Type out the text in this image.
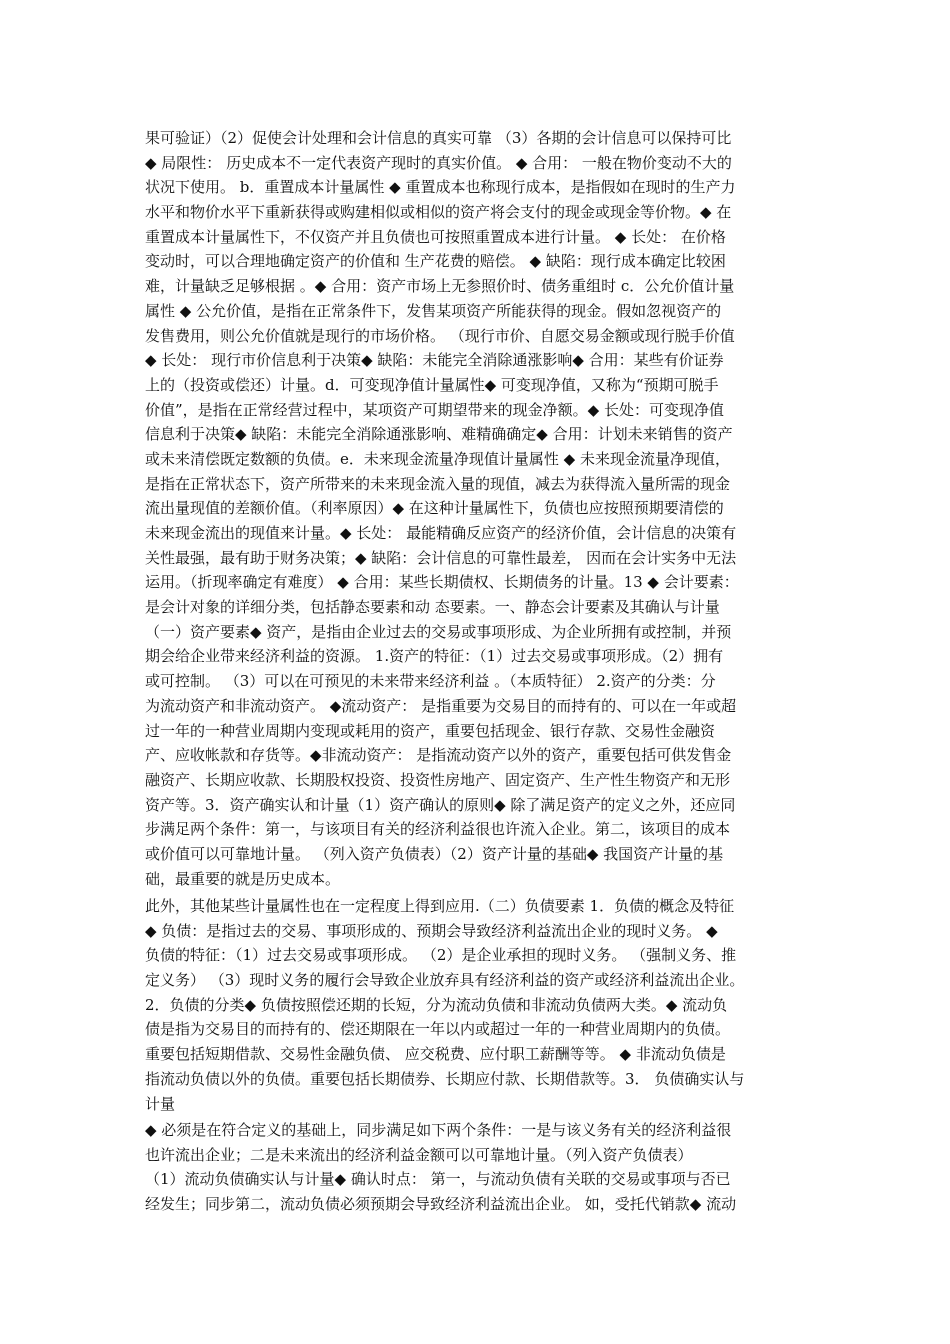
果可验证）（2）促使会计处理和会计信息的真实可靠 （3）各期的会计信息可以保持可比
◆ 局限性： 历史成本不一定代表资产现时的真实价值。 ◆ 合用： 一般在物价变动不大的
状况下使用。 b．重置成本计量属性 ◆ 重置成本也称现行成本，是指假如在现时的生产力
水平和物价水平下重新获得或购建相似或相似的资产将会支付的现金或现金等价物。◆ 在
重置成本计量属性下，不仅资产并且负债也可按照重置成本进行计量。 ◆ 长处： 在价格
变动时，可以合理地确定资产的价值和 生产花费的赔偿。 ◆ 缺陷：现行成本确定比较困
难，计量缺乏足够根据 。◆ 合用：资产市场上无参照价时、债务重组时 c．公允价值计量
属性 ◆ 公允价值，是指在正常条件下，发售某项资产所能获得的现金。假如忽视资产的
发售费用，则公允价值就是现行的市场价格。 （现行市价、自愿交易金额或现行脱手价值
◆ 长处： 现行市价信息利于决策◆ 缺陷：未能完全消除通涨影响◆ 合用：某些有价证券
上的（投资或偿还）计量。d．可变现净值计量属性◆ 可变现净值，又称为“预期可脱手
价值”，是指在正常经营过程中，某项资产可期望带来的现金净额。◆ 长处：可变现净值
信息利于决策◆ 缺陷：未能完全消除通涨影响、难精确确定◆ 合用：计划未来销售的资产
或未来清偿既定数额的负债。e．未来现金流量净现值计量属性 ◆ 未来现金流量净现值，
是指在正常状态下，资产所带来的未来现金流入量的现值，减去为获得流入量所需的现金
流出量现值的差额价值。（利率原因）◆ 在这种计量属性下，负债也应按照预期要清偿的
未来现金流出的现值来计量。◆ 长处： 最能精确反应资产的经济价值，会计信息的决策有
关性最强，最有助于财务决策；◆ 缺陷：会计信息的可靠性最差， 因而在会计实务中无法
运用。（折现率确定有难度） ◆ 合用：某些长期债权、长期债务的计量。13 ◆ 会计要素：
是会计对象的详细分类，包括静态要素和动 态要素。一、静态会计要素及其确认与计量
（一）资产要素◆ 资产，是指由企业过去的交易或事项形成、为企业所拥有或控制，并预
期会给企业带来经济利益的资源。 1.资产的特征：（1）过去交易或事项形成。（2）拥有
或可控制。 （3）可以在可预见的未来带来经济利益 。（本质特征） 2.资产的分类：分
为流动资产和非流动资产。 ◆流动资产： 是指重要为交易目的而持有的、可以在一年或超
过一年的一种营业周期内变现或耗用的资产，重要包括现金、银行存款、交易性金融资
产、应收帐款和存货等。◆非流动资产： 是指流动资产以外的资产，重要包括可供发售金
融资产、长期应收款、长期股权投资、投资性房地产、固定资产、生产性生物资产和无形
资产等。3．资产确实认和计量（1）资产确认的原则◆ 除了满足资产的定义之外，还应同
步满足两个条件：第一，与该项目有关的经济利益很也许流入企业。第二，该项目的成本
或价值可以可靠地计量。 （列入资产负债表）（2）资产计量的基础◆ 我国资产计量的基
础，最重要的就是历史成本。
此外，其他某些计量属性也在一定程度上得到应用.（二）负债要素 1．负债的概念及特征
◆ 负债：是指过去的交易、事项形成的、预期会导致经济利益流出企业的现时义务。 ◆
负债的特征：（1）过去交易或事项形成。 （2）是企业承担的现时义务。 （强制义务、推
定义务） （3）现时义务的履行会导致企业放弃具有经济利益的资产或经济利益流出企业。
2．负债的分类◆ 负债按照偿还期的长短，分为流动负债和非流动负债两大类。◆ 流动负
债是指为交易目的而持有的、偿还期限在一年以内或超过一年的一种营业周期内的负债。
重要包括短期借款、交易性金融负债、 应交税费、应付职工薪酬等等。 ◆ 非流动负债是
指流动负债以外的负债。重要包括长期债券、长期应付款、长期借款等。3． 负债确实认与
计量
◆ 必须是在符合定义的基础上，同步满足如下两个条件：一是与该义务有关的经济利益很
也许流出企业；二是未来流出的经济利益金额可以可靠地计量。（列入资产负债表）
（1）流动负债确实认与计量◆ 确认时点： 第一，与流动负债有关联的交易或事项与否已
经发生；同步第二，流动负债必须预期会导致经济利益流出企业。 如，受托代销款◆ 流动
